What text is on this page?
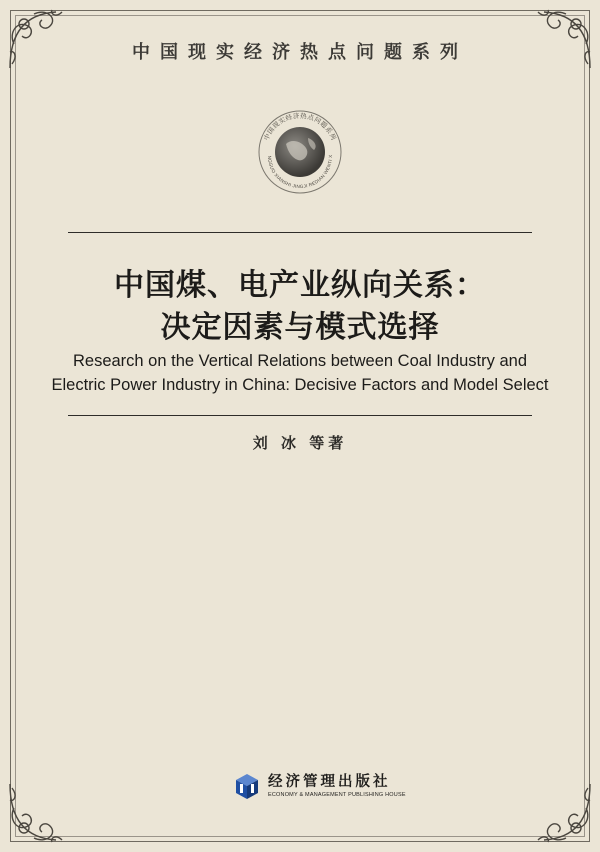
中国现实经济热点问题系列
中国现实经济热点问题系列
NGGUO XIANSHI JINGJI REDIAN WENTI X
中国煤、电产业纵向关系：
决定因素与模式选择
Research on the Vertical Relations between Coal Industry and
Electric Power Industry in China: Decisive Factors and Model Select
刘 冰 等著
经济管理出版社
ECONOMY & MANAGEMENT PUBLISHING HOUSE
